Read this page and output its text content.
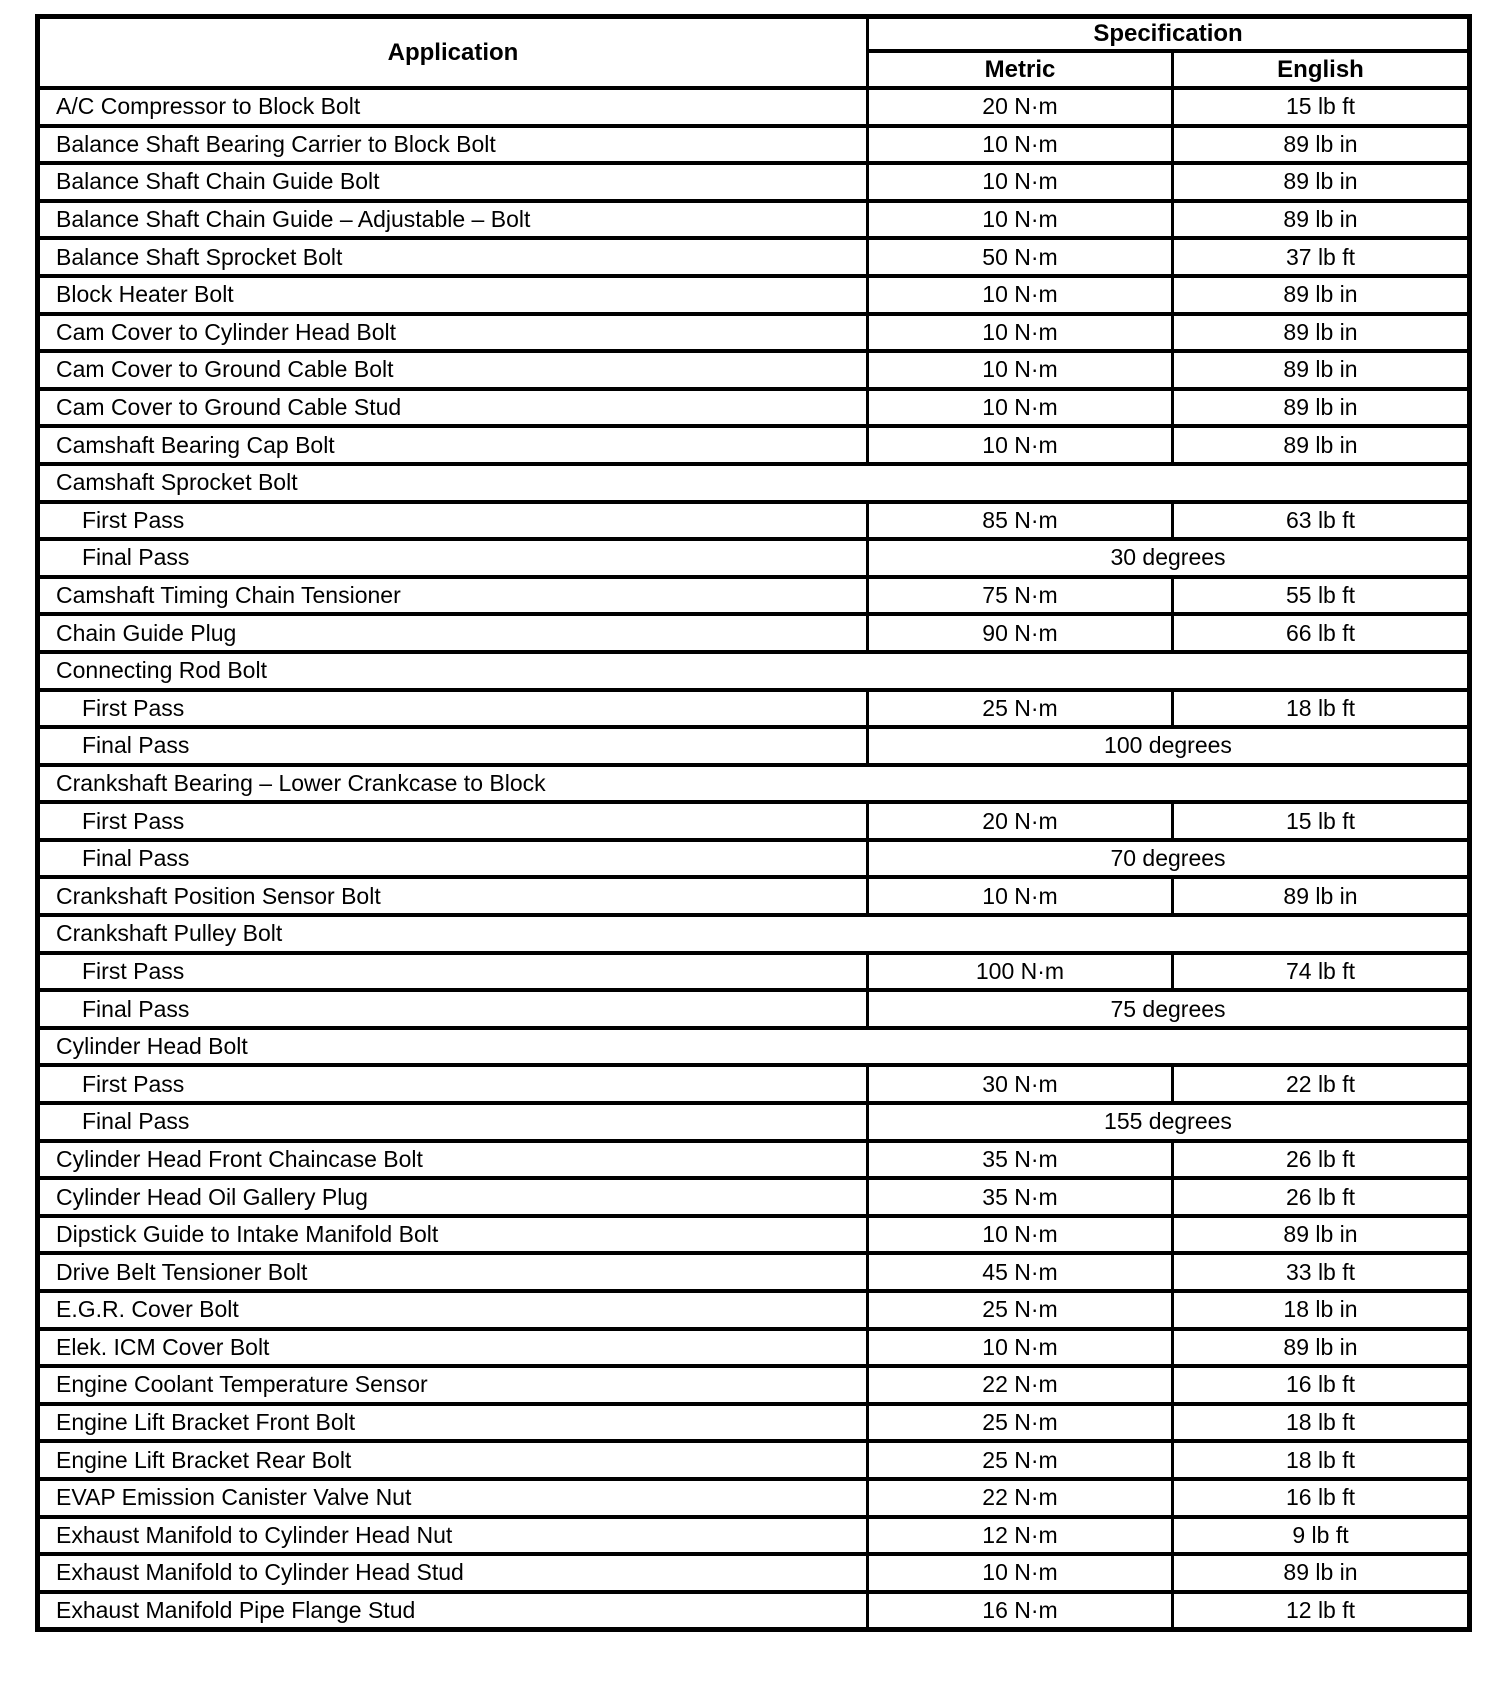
Application	Specification	
	Metric	English
A/C Compressor to Block Bolt	20 N·m	15 lb ft
Balance Shaft Bearing Carrier to Block Bolt	10 N·m	89 lb in
Balance Shaft Chain Guide Bolt	10 N·m	89 lb in
Balance Shaft Chain Guide – Adjustable – Bolt	10 N·m	89 lb in
Balance Shaft Sprocket Bolt	50 N·m	37 lb ft
Block Heater Bolt	10 N·m	89 lb in
Cam Cover to Cylinder Head Bolt	10 N·m	89 lb in
Cam Cover to Ground Cable Bolt	10 N·m	89 lb in
Cam Cover to Ground Cable Stud	10 N·m	89 lb in
Camshaft Bearing Cap Bolt	10 N·m	89 lb in
Camshaft Sprocket Bolt		
First Pass	85 N·m	63 lb ft
Final Pass	30 degrees	
Camshaft Timing Chain Tensioner	75 N·m	55 lb ft
Chain Guide Plug	90 N·m	66 lb ft
Connecting Rod Bolt		
First Pass	25 N·m	18 lb ft
Final Pass	100 degrees	
Crankshaft Bearing – Lower Crankcase to Block		
First Pass	20 N·m	15 lb ft
Final Pass	70 degrees	
Crankshaft Position Sensor Bolt	10 N·m	89 lb in
Crankshaft Pulley Bolt		
First Pass	100 N·m	74 lb ft
Final Pass	75 degrees	
Cylinder Head Bolt		
First Pass	30 N·m	22 lb ft
Final Pass	155 degrees	
Cylinder Head Front Chaincase Bolt	35 N·m	26 lb ft
Cylinder Head Oil Gallery Plug	35 N·m	26 lb ft
Dipstick Guide to Intake Manifold Bolt	10 N·m	89 lb in
Drive Belt Tensioner Bolt	45 N·m	33 lb ft
E.G.R. Cover Bolt	25 N·m	18 lb in
Elek. ICM Cover Bolt	10 N·m	89 lb in
Engine Coolant Temperature Sensor	22 N·m	16 lb ft
Engine Lift Bracket Front Bolt	25 N·m	18 lb ft
Engine Lift Bracket Rear Bolt	25 N·m	18 lb ft
EVAP Emission Canister Valve Nut	22 N·m	16 lb ft
Exhaust Manifold to Cylinder Head Nut	12 N·m	9 lb ft
Exhaust Manifold to Cylinder Head Stud	10 N·m	89 lb in
Exhaust Manifold Pipe Flange Stud	16 N·m	12 lb ft
